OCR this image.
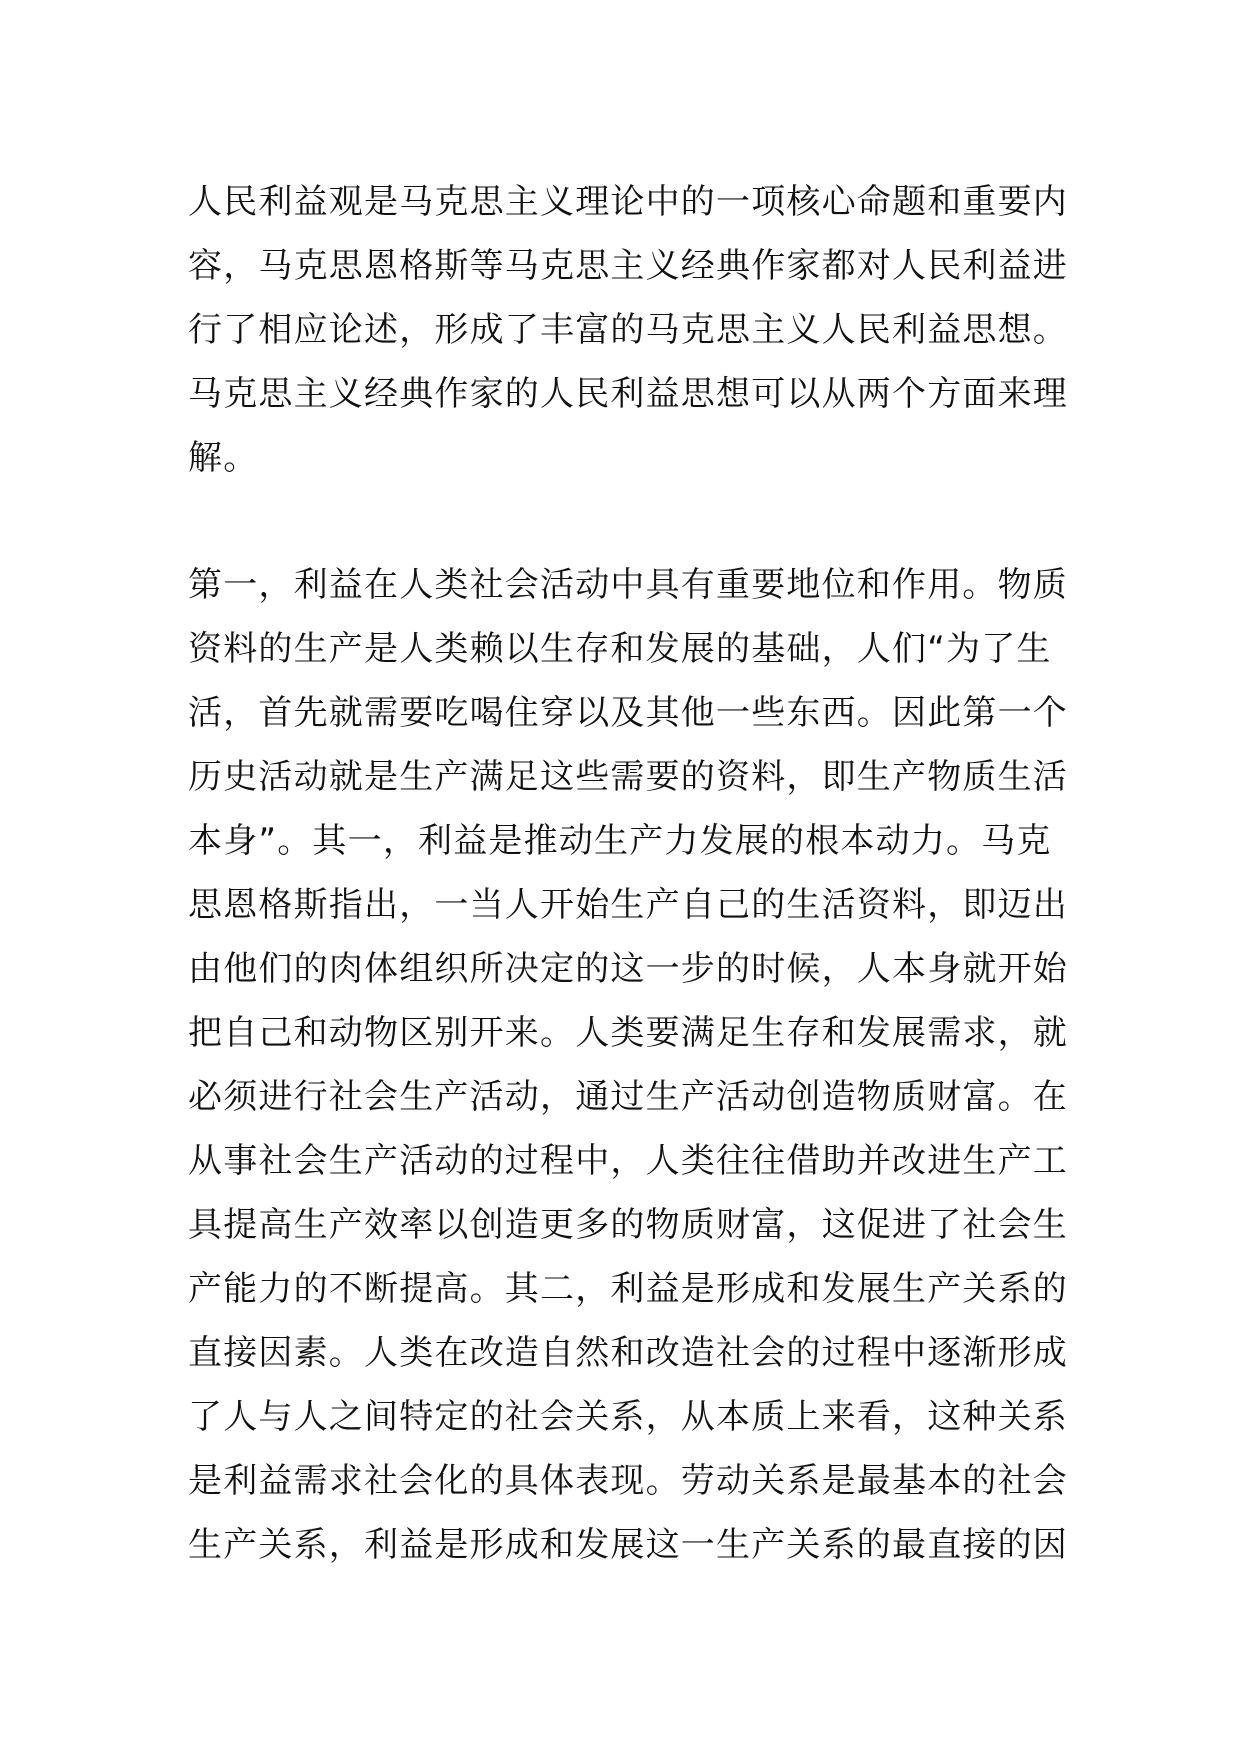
人民利益观是马克思主义理论中的一项核心命题和重要内
容，马克思恩格斯等马克思主义经典作家都对人民利益进
行了相应论述，形成了丰富的马克思主义人民利益思想。
马克思主义经典作家的人民利益思想可以从两个方面来理
解。
第一，利益在人类社会活动中具有重要地位和作用。物质
资料的生产是人类赖以生存和发展的基础，人们“为了生
活，首先就需要吃喝住穿以及其他一些东西。因此第一个
历史活动就是生产满足这些需要的资料，即生产物质生活
本身”。其一，利益是推动生产力发展的根本动力。马克
思恩格斯指出，一当人开始生产自己的生活资料，即迈出
由他们的肉体组织所决定的这一步的时候，人本身就开始
把自己和动物区别开来。人类要满足生存和发展需求，就
必须进行社会生产活动，通过生产活动创造物质财富。在
从事社会生产活动的过程中，人类往往借助并改进生产工
具提高生产效率以创造更多的物质财富，这促进了社会生
产能力的不断提高。其二，利益是形成和发展生产关系的
直接因素。人类在改造自然和改造社会的过程中逐渐形成
了人与人之间特定的社会关系，从本质上来看，这种关系
是利益需求社会化的具体表现。劳动关系是最基本的社会
生产关系，利益是形成和发展这一生产关系的最直接的因
